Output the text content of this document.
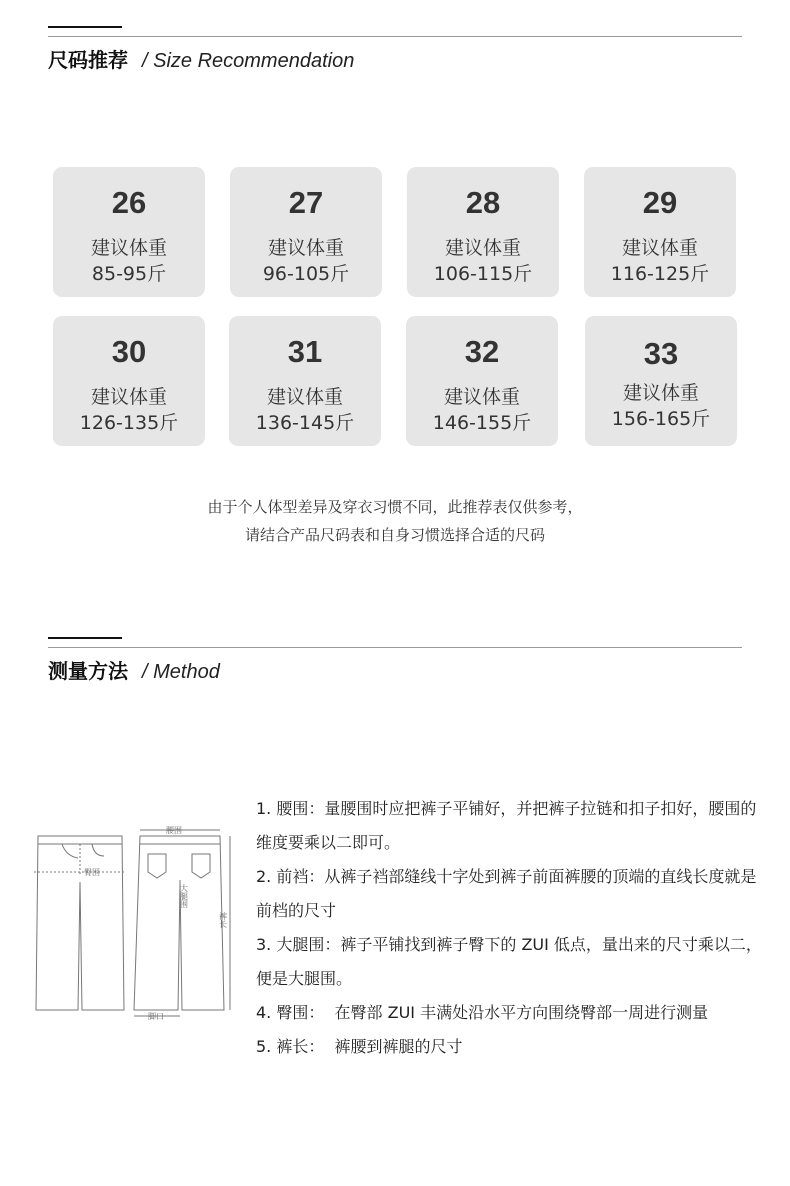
尺码推荐 / Size Recommendation
26
建议体重
85-95斤
27
建议体重
96-105斤
28
建议体重
106-115斤
29
建议体重
116-125斤
30
建议体重
126-135斤
31
建议体重
136-145斤
32
建议体重
146-155斤
33
建议体重
156-165斤
由于个人体型差异及穿衣习惯不同，此推荐表仅供参考，
请结合产品尺码表和自身习惯选择合适的尺码
测量方法 / Method
腰围
臀围
大腿围
裤长
脚口

1. 腰围：量腰围时应把裤子平铺好，并把裤子拉链和扣子扣好，腰围的维度要乘以二即可。

2. 前裆：从裤子裆部缝线十字处到裤子前面裤腰的顶端的直线长度就是前档的尺寸

3. 大腿围：裤子平铺找到裤子臀下的 ZUI 低点，量出来的尺寸乘以二，便是大腿围。

4. 臀围：  在臀部 ZUI 丰满处沿水平方向围绕臀部一周进行测量

5. 裤长：  裤腰到裤腿的尺寸
